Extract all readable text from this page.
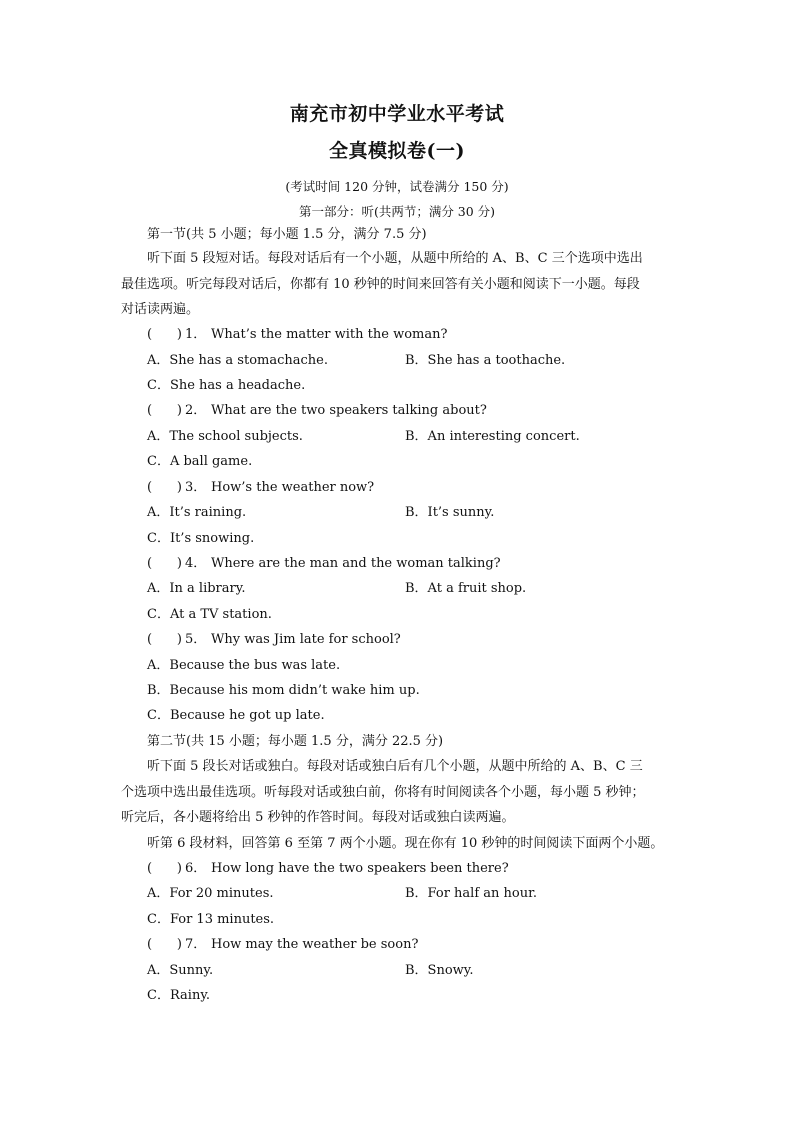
南充市初中学业水平考试
全真模拟卷(一)
(考试时间 120 分钟，试卷满分 150 分)
第一部分：听(共两节；满分 30 分)
第一节(共 5 小题；每小题 1.5 分，满分 7.5 分)
听下面 5 段短对话。每段对话后有一个小题，从题中所给的 A、B、C 三个选项中选出
最佳选项。听完每段对话后，你都有 10 秒钟的时间来回答有关小题和阅读下一小题。每段
对话读两遍。
(      ) 1． What’s the matter with the woman?
A．She has a stomachache.	B．She has a toothache.
C．She has a headache.
(      ) 2． What are the two speakers talking about?
A．The school subjects.	B．An interesting concert.
C．A ball game.
(      ) 3． How’s the weather now?
A．It’s raining.	B．It’s sunny.
C．It’s snowing.
(      ) 4． Where are the man and the woman talking?
A．In a library.	B．At a fruit shop.
C．At a TV station.
(      ) 5． Why was Jim late for school?
A．Because the bus was late.
B．Because his mom didn’t wake him up.
C．Because he got up late.
第二节(共 15 小题；每小题 1.5 分，满分 22.5 分)
听下面 5 段长对话或独白。每段对话或独白后有几个小题，从题中所给的 A、B、C 三
个选项中选出最佳选项。听每段对话或独白前，你将有时间阅读各个小题，每小题 5 秒钟；
听完后，各小题将给出 5 秒钟的作答时间。每段对话或独白读两遍。
听第 6 段材料，回答第 6 至第 7 两个小题。现在你有 10 秒钟的时间阅读下面两个小题。
(      ) 6． How long have the two speakers been there?
A．For 20 minutes.	B．For half an hour.
C．For 13 minutes.
(      ) 7． How may the weather be soon?
A．Sunny.	B．Snowy.
C．Rainy.
